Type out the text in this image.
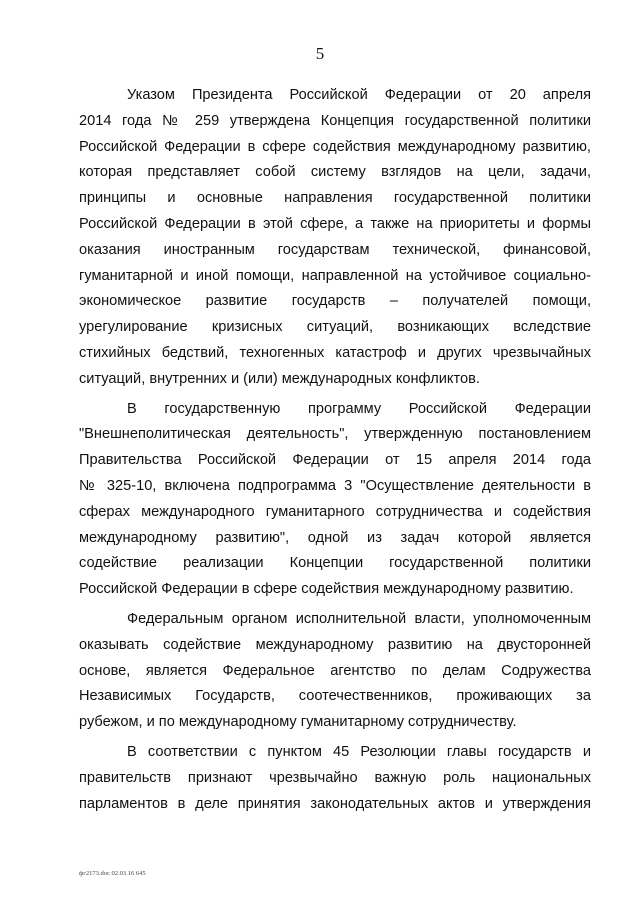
5
Указом Президента Российской Федерации от 20 апреля
2014 года № 259 утверждена Концепция государственной политики
Российской Федерации в сфере содействия международному развитию,
которая представляет собой систему взглядов на цели, задачи,
принципы и основные направления государственной политики
Российской Федерации в этой сфере, а также на приоритеты и формы
оказания иностранным государствам технической, финансовой,
гуманитарной и иной помощи, направленной на устойчивое социально-
экономическое развитие государств – получателей помощи,
урегулирование кризисных ситуаций, возникающих вследствие
стихийных бедствий, техногенных катастроф и других чрезвычайных
ситуаций, внутренних и (или) международных конфликтов.
В государственную программу Российской Федерации
"Внешнеполитическая деятельность", утвержденную постановлением
Правительства Российской Федерации от 15 апреля 2014 года
№ 325-10, включена подпрограмма 3 "Осуществление деятельности в
сферах международного гуманитарного сотрудничества и содействия
международному развитию", одной из задач которой является
содействие реализации Концепции государственной политики
Российской Федерации в сфере содействия международному развитию.
Федеральным органом исполнительной власти, уполномоченным
оказывать содействие международному развитию на двусторонней
основе, является Федеральное агентство по делам Содружества
Независимых Государств, соотечественников, проживающих за
рубежом, и по международному гуманитарному сотрудничеству.
В соответствии с пунктом 45 Резолюции главы государств и
правительств признают чрезвычайно важную роль национальных
парламентов в деле принятия законодательных актов и утверждения
фг2173.doc 02.03.16 645
